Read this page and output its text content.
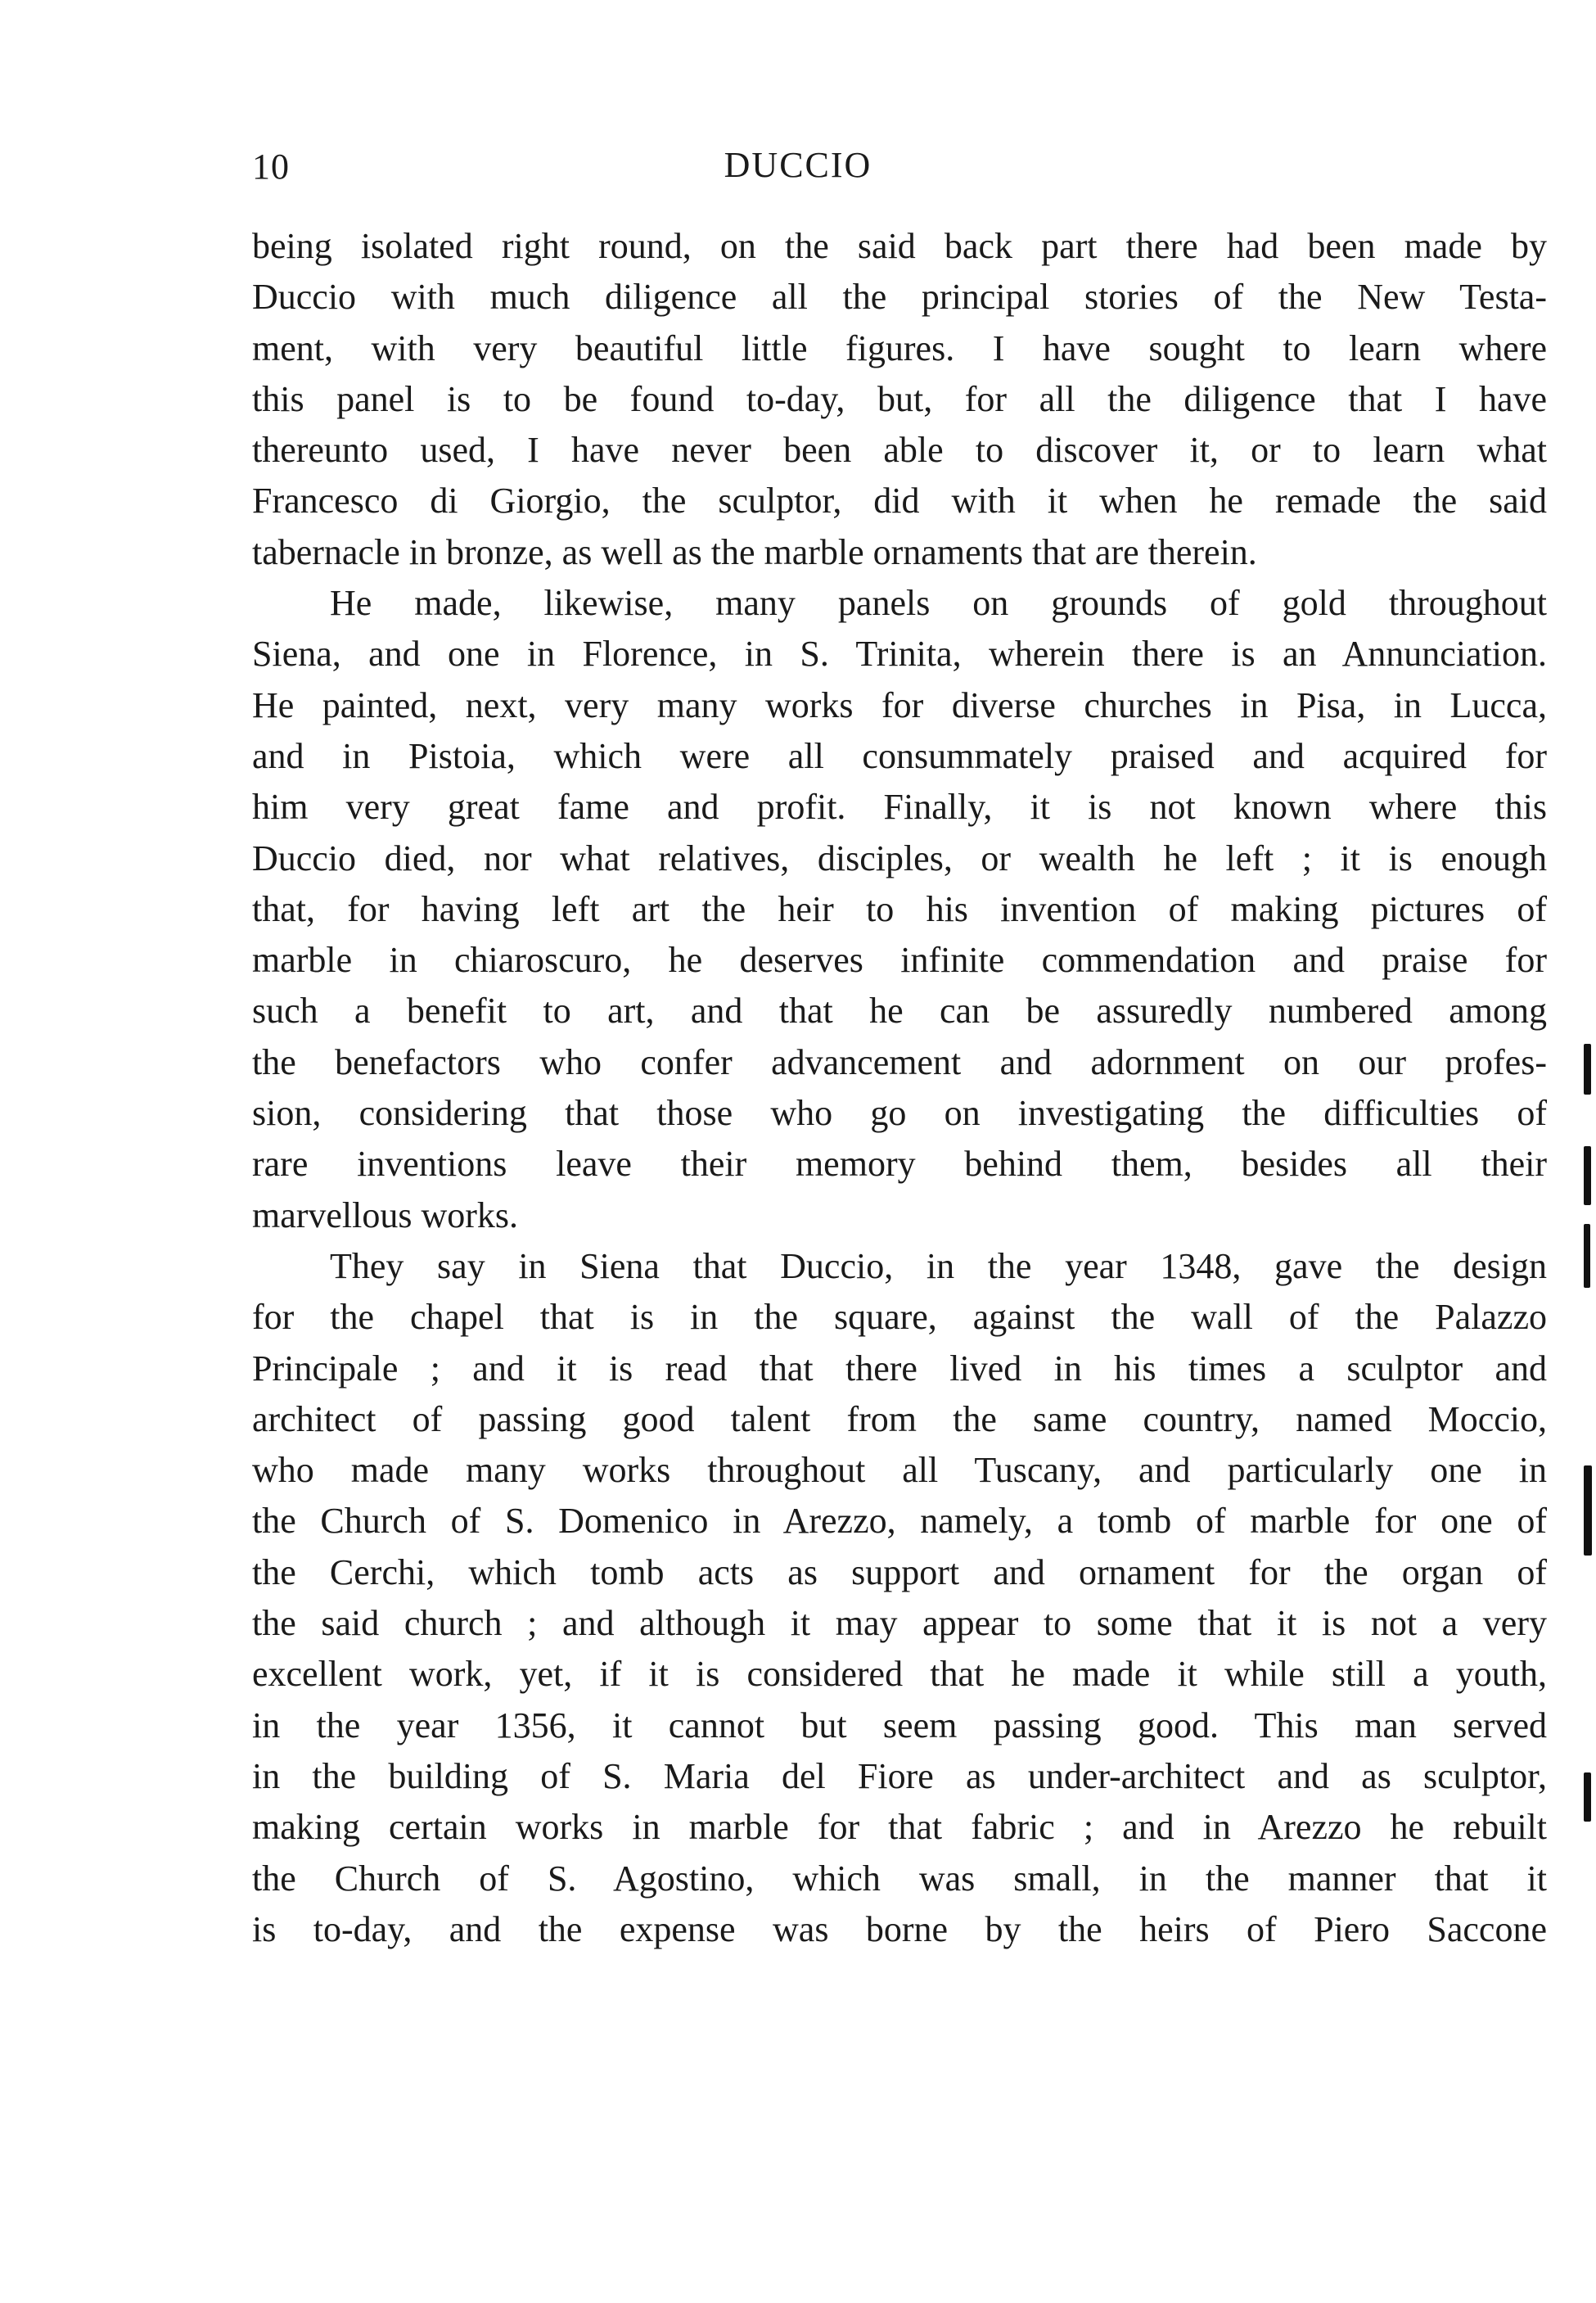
10	DUCCIO
being isolated right round, on the said back part there had been made by
Duccio with much diligence all the principal stories of the New Testa-
ment, with very beautiful little figures. I have sought to learn where
this panel is to be found to-day, but, for all the diligence that I have
thereunto used, I have never been able to discover it, or to learn what
Francesco di Giorgio, the sculptor, did with it when he remade the said
tabernacle in bronze, as well as the marble ornaments that are therein.
He made, likewise, many panels on grounds of gold throughout
Siena, and one in Florence, in S. Trinita, wherein there is an Annunciation.
He painted, next, very many works for diverse churches in Pisa, in Lucca,
and in Pistoia, which were all consummately praised and acquired for
him very great fame and profit. Finally, it is not known where this
Duccio died, nor what relatives, disciples, or wealth he left ; it is enough
that, for having left art the heir to his invention of making pictures of
marble in chiaroscuro, he deserves infinite commendation and praise for
such a benefit to art, and that he can be assuredly numbered among
the benefactors who confer advancement and adornment on our profes-
sion, considering that those who go on investigating the difficulties of
rare inventions leave their memory behind them, besides all their
marvellous works.
They say in Siena that Duccio, in the year 1348, gave the design
for the chapel that is in the square, against the wall of the Palazzo
Principale ; and it is read that there lived in his times a sculptor and
architect of passing good talent from the same country, named Moccio,
who made many works throughout all Tuscany, and particularly one in
the Church of S. Domenico in Arezzo, namely, a tomb of marble for one of
the Cerchi, which tomb acts as support and ornament for the organ of
the said church ; and although it may appear to some that it is not a very
excellent work, yet, if it is considered that he made it while still a youth,
in the year 1356, it cannot but seem passing good. This man served
in the building of S. Maria del Fiore as under-architect and as sculptor,
making certain works in marble for that fabric ; and in Arezzo he rebuilt
the Church of S. Agostino, which was small, in the manner that it
is to-day, and the expense was borne by the heirs of Piero Saccone
